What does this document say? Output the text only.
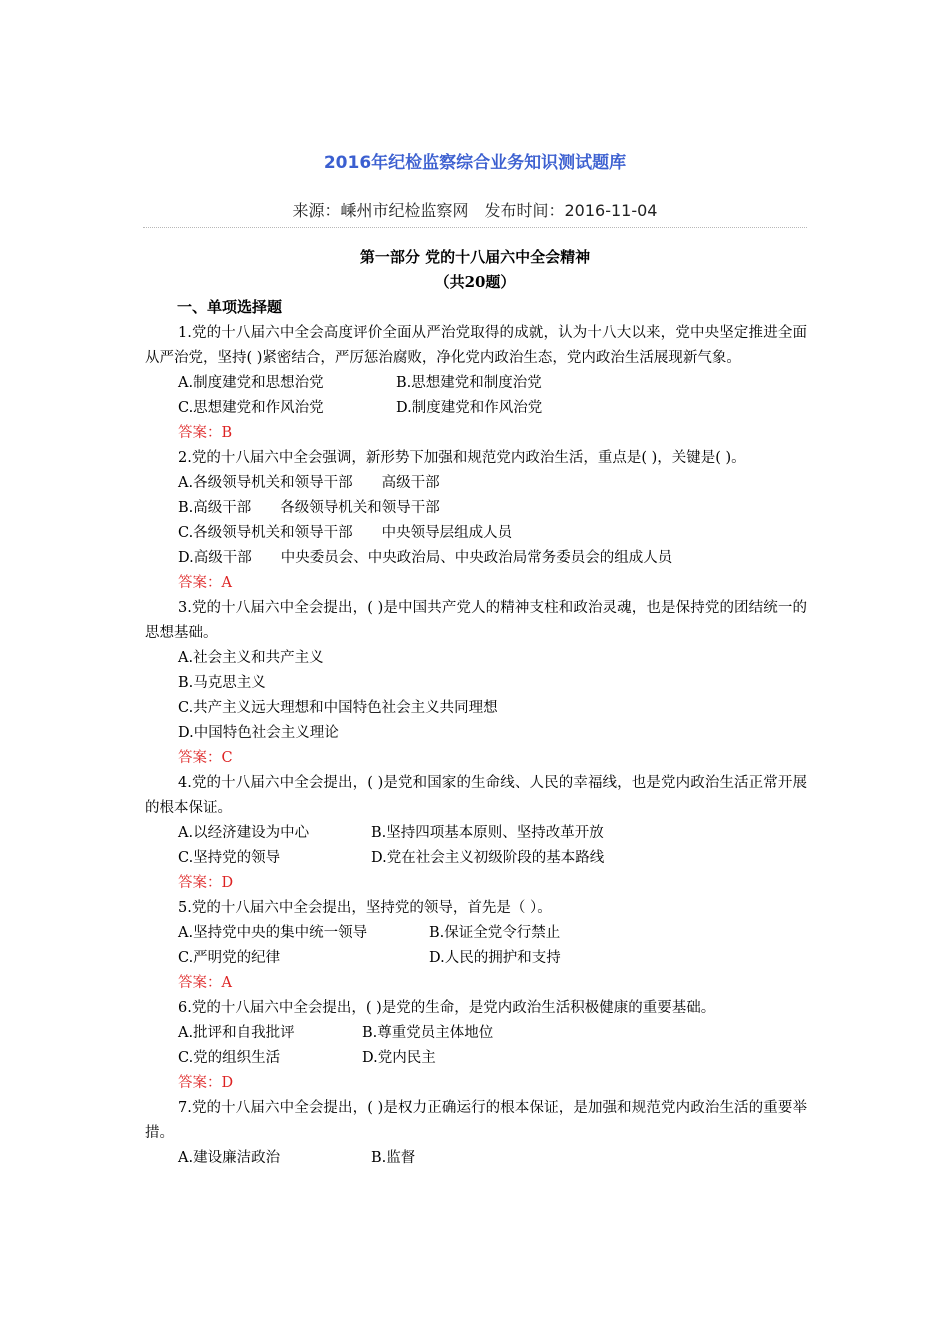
2016年纪检监察综合业务知识测试题库
来源：嵊州市纪检监察网　发布时间：2016-11-04
第一部分 党的十八届六中全会精神
（共20题）
一、单项选择题

1.党的十八届六中全会高度评价全面从严治党取得的成就，认为十八大以来，党中央坚定推进全面从严治党，坚持( )紧密结合，严厉惩治腐败，净化党内政治生态，党内政治生活展现新气象。

A.制度建党和思想治党	B.思想建党和制度治党
C.思想建党和作风治党	D.制度建党和作风治党

答案：B

2.党的十八届六中全会强调，新形势下加强和规范党内政治生活，重点是( )，关键是( )。

A.各级领导机关和领导干部　　高级干部

B.高级干部　　各级领导机关和领导干部

C.各级领导机关和领导干部　　中央领导层组成人员

D.高级干部　　中央委员会、中央政治局、中央政治局常务委员会的组成人员

答案：A

3.党的十八届六中全会提出，( )是中国共产党人的精神支柱和政治灵魂，也是保持党的团结统一的思想基础。

A.社会主义和共产主义

B.马克思主义

C.共产主义远大理想和中国特色社会主义共同理想

D.中国特色社会主义理论

答案：C

4.党的十八届六中全会提出，( )是党和国家的生命线、人民的幸福线，也是党内政治生活正常开展的根本保证。

A.以经济建设为中心	B.坚持四项基本原则、坚持改革开放
C.坚持党的领导	D.党在社会主义初级阶段的基本路线

答案：D

5.党的十八届六中全会提出，坚持党的领导，首先是（ ）。

A.坚持党中央的集中统一领导	B.保证全党令行禁止
C.严明党的纪律	D.人民的拥护和支持

答案：A

6.党的十八届六中全会提出，( )是党的生命，是党内政治生活积极健康的重要基础。

A.批评和自我批评	B.尊重党员主体地位
C.党的组织生活	D.党内民主

答案：D

7.党的十八届六中全会提出，( )是权力正确运行的根本保证，是加强和规范党内政治生活的重要举措。

A.建设廉洁政治	B.监督
